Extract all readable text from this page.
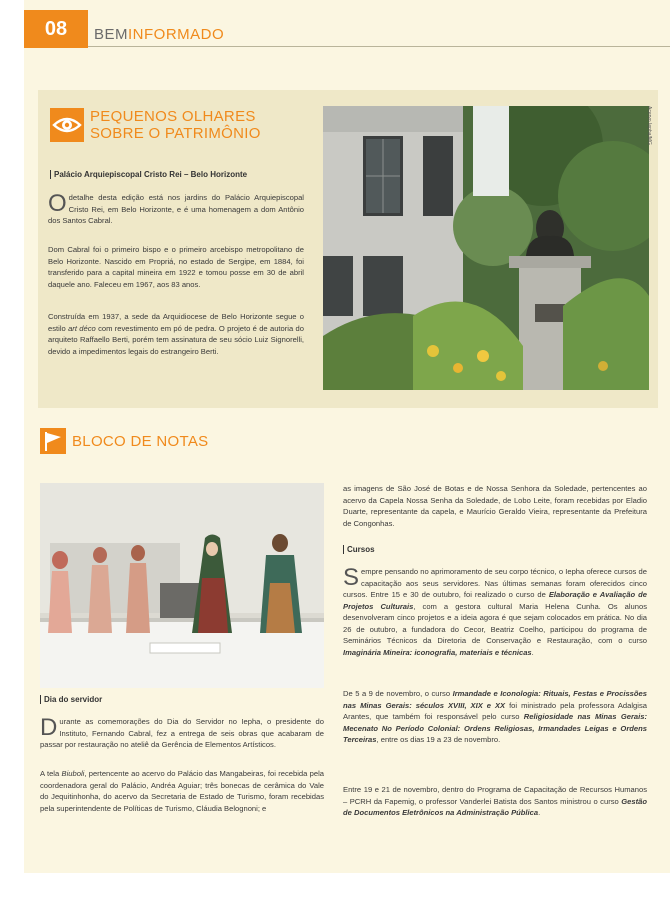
08	BEMINFORMADO
PEQUENOS OLHARES
SOBRE O PATRIMÔNIO
Palácio Arquiepiscopal Cristo Rei – Belo Horizonte
O detalhe desta edição está nos jardins do Palácio Arquiepiscopal Cristo Rei, em Belo Horizonte, e é uma homenagem a dom Antônio dos Santos Cabral.
Dom Cabral foi o primeiro bispo e o primeiro arcebispo metropolitano de Belo Horizonte. Nascido em Propriá, no estado de Sergipe, em 1884, foi transferido para a capital mineira em 1922 e tomou posse em 30 de abril daquele ano. Faleceu em 1967, aos 83 anos.
Construída em 1937, a sede da Arquidiocese de Belo Horizonte segue o estilo art déco com revestimento em pó de pedra. O projeto é de autoria do arquiteto Raffaello Berti, porém tem assinatura de seu sócio Luiz Signorelli, devido a impedimentos legais do estrangeiro Berti.
Acervo Iepha/MG
BLOCO DE NOTAS
Dia do servidor
Durante as comemorações do Dia do Servidor no Iepha, o presidente do Instituto, Fernando Cabral, fez a entrega de seis obras que acabaram de passar por restauração no ateliê da Gerência de Elementos Artísticos.
A tela Biuboli, pertencente ao acervo do Palácio das Mangabeiras, foi recebida pela coordenadora geral do Palácio, Andréa Aguiar; três bonecas de cerâmica do Vale do Jequitinhonha, do acervo da Secretaria de Estado de Turismo, foram recebidas pela superintendente de Políticas de Turismo, Cláudia Belognoni; e
as imagens de São José de Botas e de Nossa Senhora da Soledade, pertencentes ao acervo da Capela Nossa Senha da Soledade, de Lobo Leite, foram recebidas por Eladio Duarte, representante da capela, e Maurício Geraldo Vieira, representante da Prefeitura de Congonhas.
Cursos
Sempre pensando no aprimoramento de seu corpo técnico, o Iepha oferece cursos de capacitação aos seus servidores. Nas últimas semanas foram oferecidos cinco cursos. Entre 15 e 30 de outubro, foi realizado o curso de Elaboração e Avaliação de Projetos Culturais, com a gestora cultural Maria Helena Cunha. Os alunos desenvolveram cinco projetos e a ideia agora é que sejam colocados em prática. No dia 26 de outubro, a fundadora do Cecor, Beatriz Coelho, participou do programa de Seminários Técnicos da Diretoria de Conservação e Restauração, com o curso Imaginária Mineira: iconografia, materiais e técnicas.
De 5 a 9 de novembro, o curso Irmandade e Iconologia: Rituais, Festas e Procissões nas Minas Gerais: séculos XVIII, XIX e XX foi ministrado pela professora Adalgisa Arantes, que também foi responsável pelo curso Religiosidade nas Minas Gerais: Mecenato No Período Colonial: Ordens Religiosas, Irmandades Leigas e Ordens Terceiras, entre os dias 19 a 23 de novembro.
Entre 19 e 21 de novembro, dentro do Programa de Capacitação de Recursos Humanos – PCRH da Fapemig, o professor Vanderlei Batista dos Santos ministrou o curso Gestão de Documentos Eletrônicos na Administração Pública.
